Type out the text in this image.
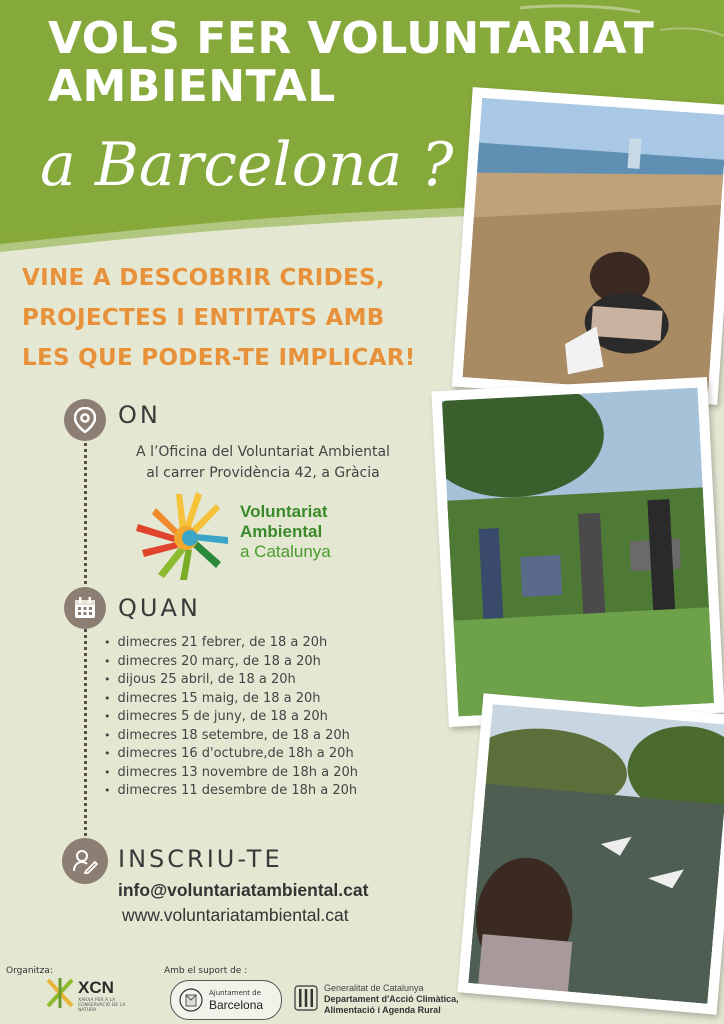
VOLS FER VOLUNTARIAT
AMBIENTAL
a Barcelona ?
VINE A DESCOBRIR CRIDES,
PROJECTES I ENTITATS AMB
LES QUE PODER-TE IMPLICAR!
ON
A l’Oficina del Voluntariat Ambiental
al carrer Providència 42, a Gràcia
Voluntariat
Ambiental
a Catalunya
QUAN
• dimecres 21 febrer, de 18 a 20h
• dimecres 20 març, de 18 a 20h
• dijous 25 abril, de 18 a 20h
• dimecres 15 maig, de 18 a 20h
• dimecres 5 de juny, de 18 a 20h
• dimecres 18 setembre, de 18 a 20h
• dimecres 16 d'octubre,de 18h a 20h
• dimecres 13 novembre de 18h a 20h
• dimecres 11 desembre de 18h a 20h
INSCRIU-TE
info@voluntariatambiental.cat
www.voluntariatambiental.cat
Organitza:
XCN
XARXA PER A LA CONSERVACIÓ DE LA NATURA
Amb el suport de :
Ajuntament de
Barcelona
Generalitat de Catalunya
Departament d'Acció Climàtica,
Alimentació i Agenda Rural
